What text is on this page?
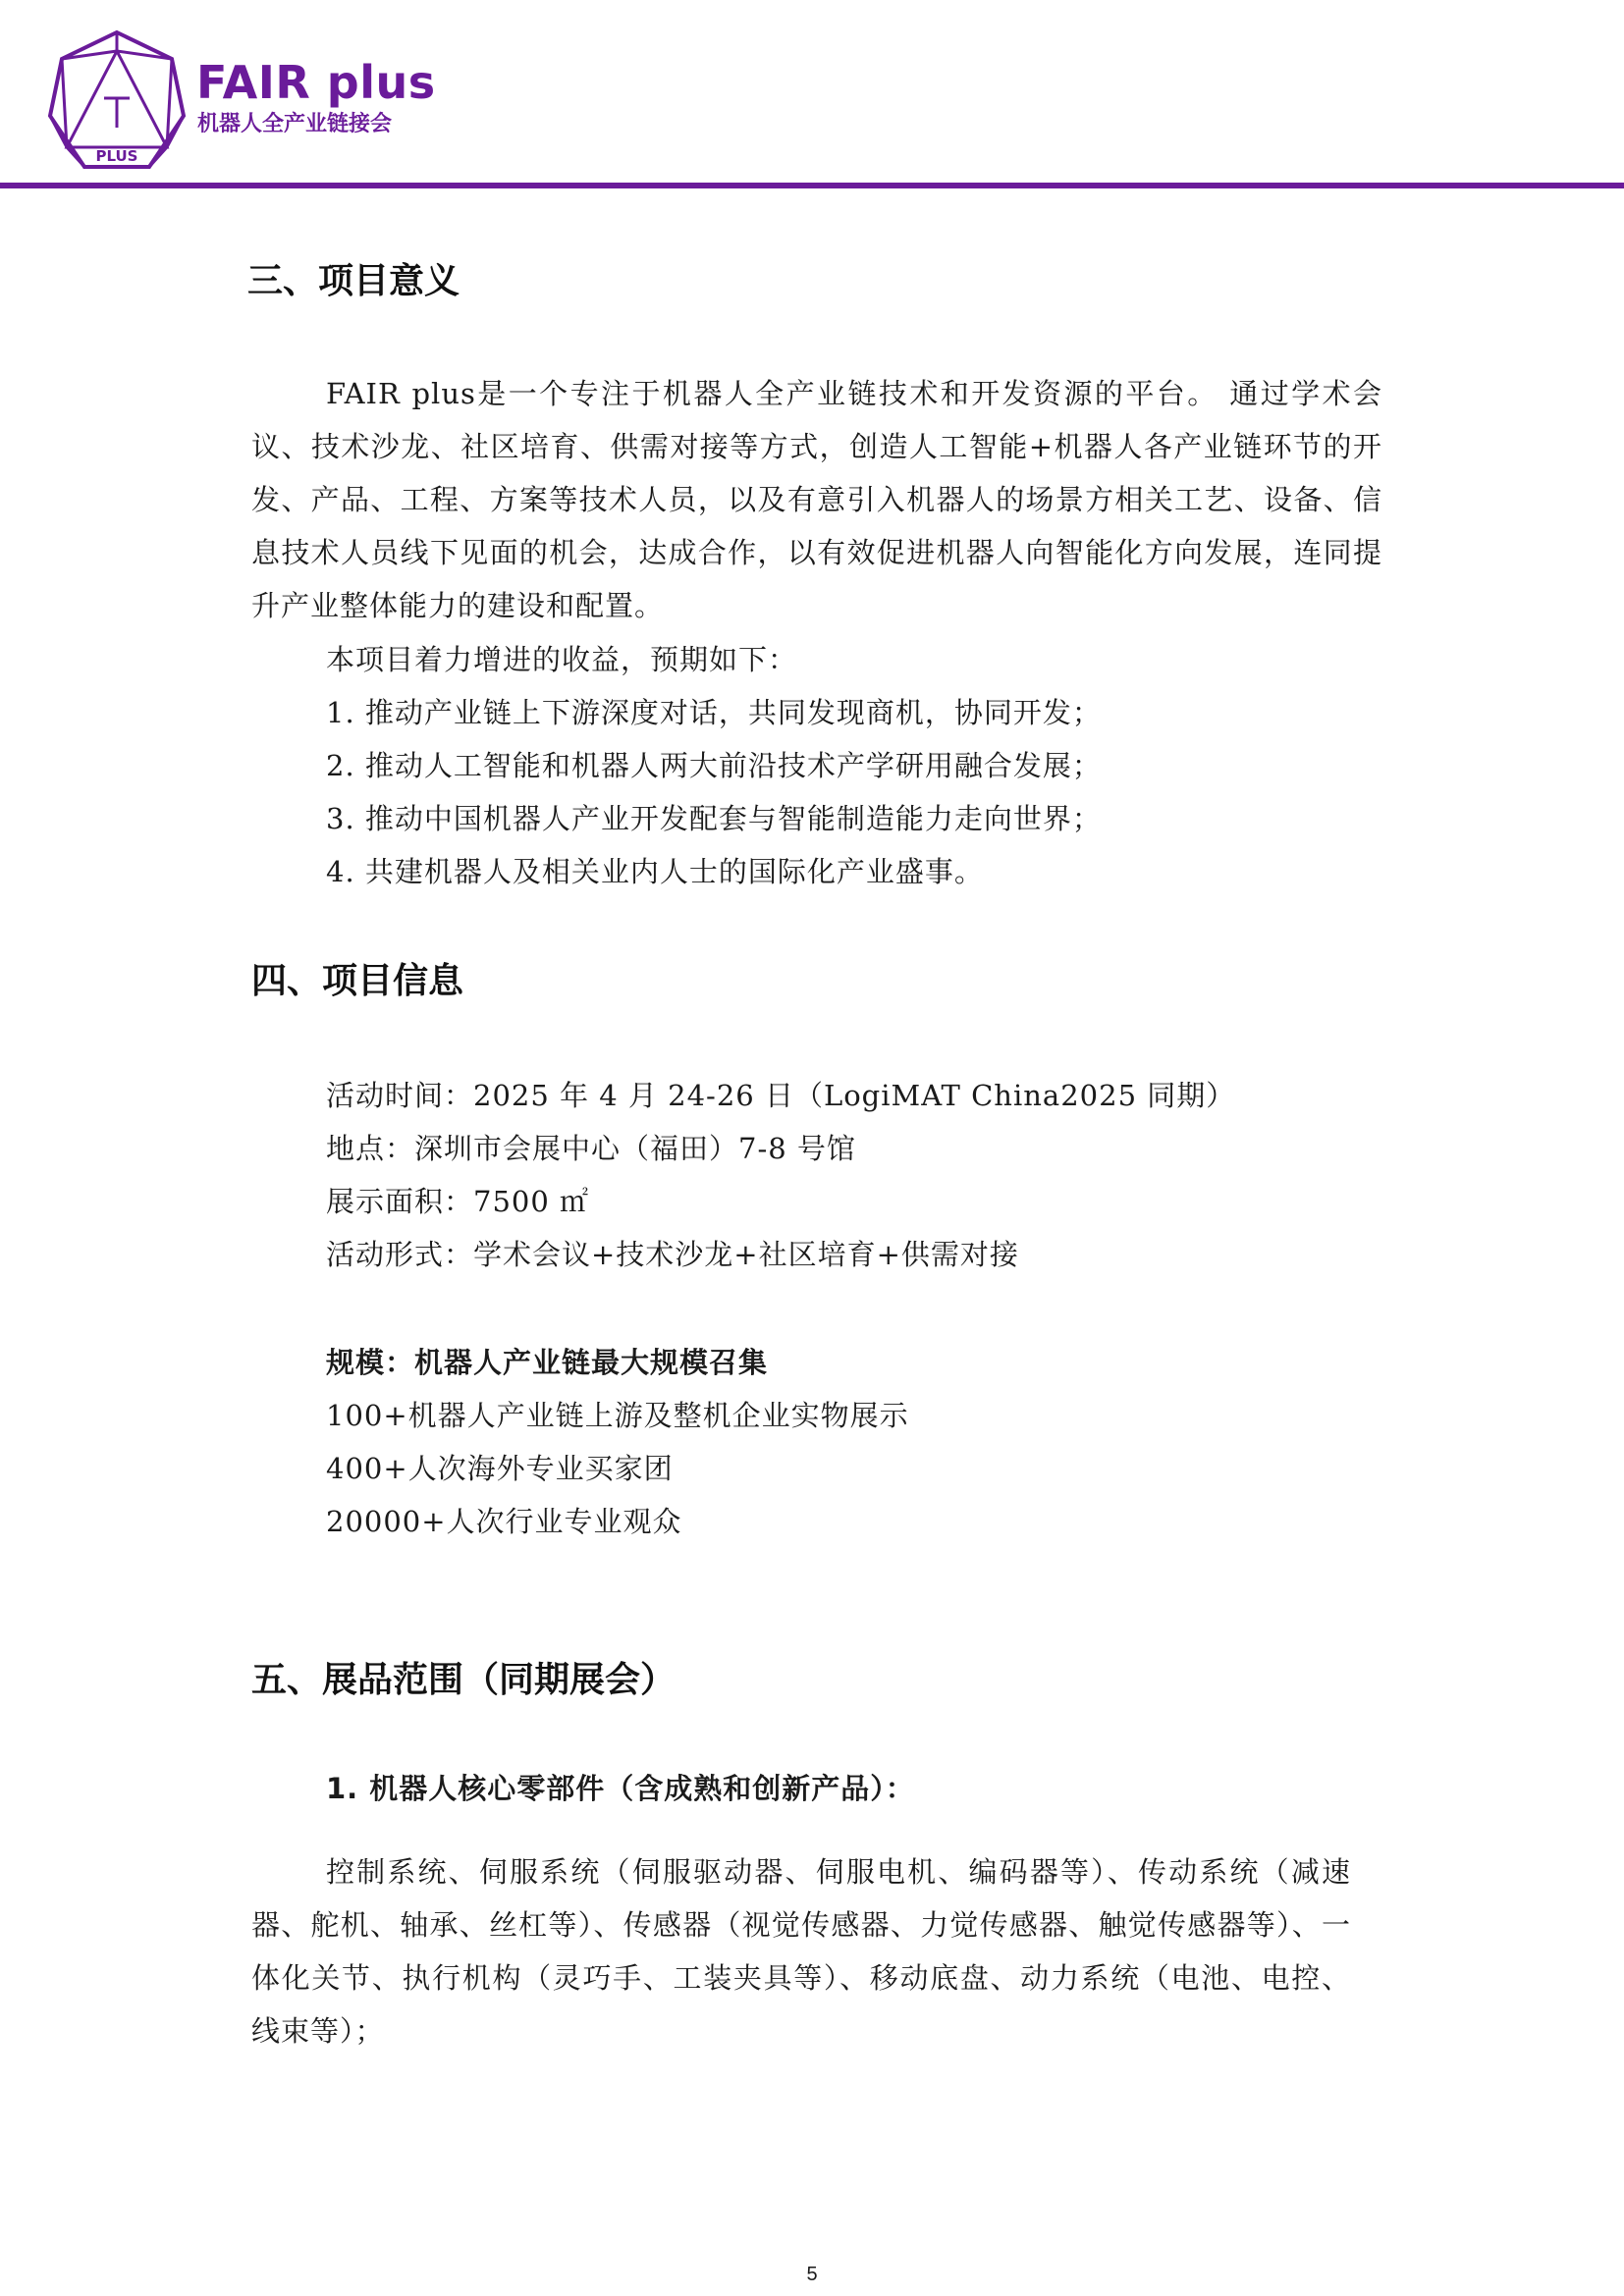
PLUS
FAIR plus
机器人全产业链接会
三、项目意义

FAIR plus是一个专注于机器人全产业链技术和开发资源的平台。 通过学术会议、技术沙龙、社区培育、供需对接等方式，创造人工智能+机器人各产业链环节的开发、产品、工程、方案等技术人员，以及有意引入机器人的场景方相关工艺、设备、信息技术人员线下见面的机会，达成合作，以有效促进机器人向智能化方向发展，连同提升产业整体能力的建设和配置。

本项目着力增进的收益，预期如下：
1. 推动产业链上下游深度对话，共同发现商机，协同开发；
2. 推动人工智能和机器人两大前沿技术产学研用融合发展；
3. 推动中国机器人产业开发配套与智能制造能力走向世界；
4. 共建机器人及相关业内人士的国际化产业盛事。
四、项目信息
活动时间：2025 年 4 月 24-26 日（LogiMAT China2025 同期）
地点：深圳市会展中心（福田）7-8 号馆
展示面积：7500 ㎡
活动形式：学术会议+技术沙龙+社区培育+供需对接
规模：机器人产业链最大规模召集
100+机器人产业链上游及整机企业实物展示
400+人次海外专业买家团
20000+人次行业专业观众
五、展品范围（同期展会）
1. 机器人核心零部件（含成熟和创新产品）：

控制系统、伺服系统（伺服驱动器、伺服电机、编码器等）、传动系统（减速器、舵机、轴承、丝杠等）、传感器（视觉传感器、力觉传感器、触觉传感器等）、一体化关节、执行机构（灵巧手、工装夹具等）、移动底盘、动力系统（电池、电控、线束等）；

5
